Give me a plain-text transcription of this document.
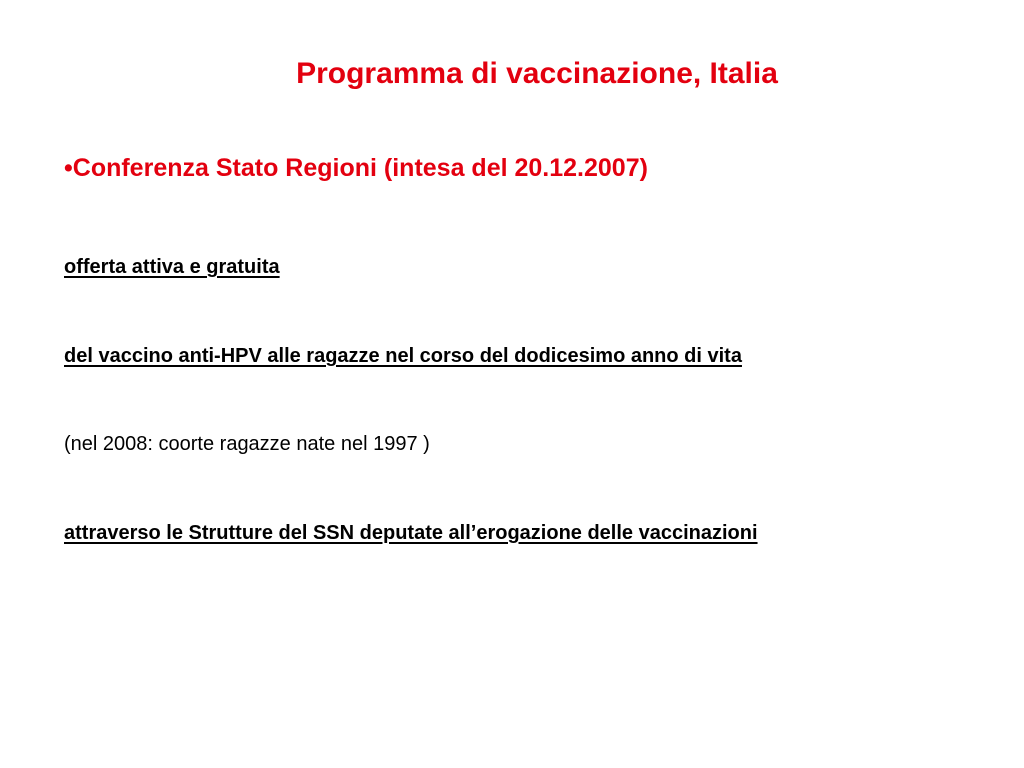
Programma di vaccinazione, Italia
•Conferenza Stato Regioni (intesa del 20.12.2007)
offerta attiva e gratuita
del vaccino anti-HPV alle ragazze nel corso del dodicesimo anno di vita
(nel 2008: coorte ragazze nate nel 1997 )
attraverso le Strutture del SSN deputate all’erogazione delle vaccinazioni
